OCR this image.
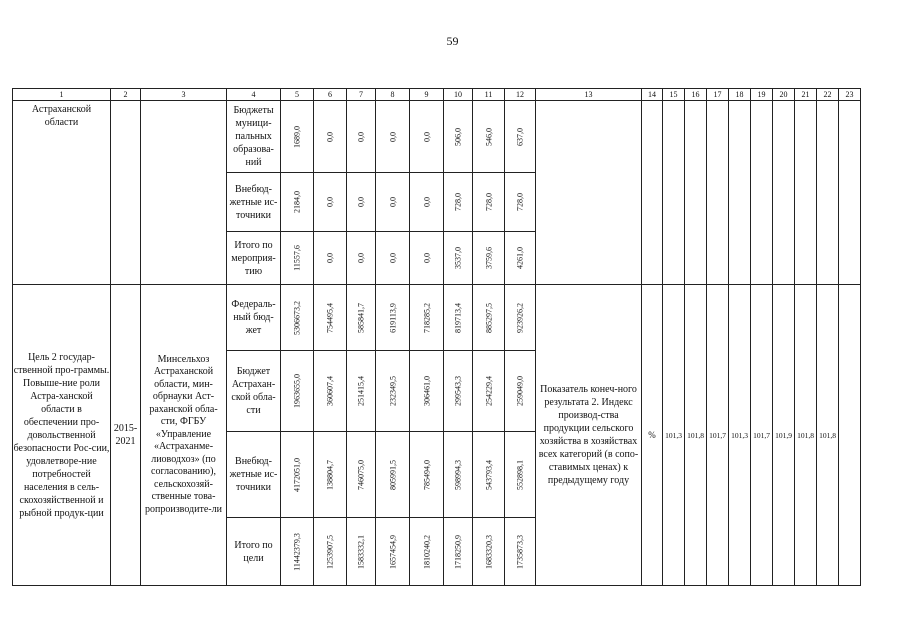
59
1	2	3	4	5	6	7	8	9	10	11	12	13	14	15	16	17	18	19	20	21	22	23
Астраханской области			Бюджеты муници-пальных образова-ний	1689,0	0,0	0,0	0,0	0,0	506,0	546,0	637,0											

			Внебюд-жетные ис-точники	2184,0	0,0	0,0	0,0	0,0	728,0	728,0	728,0											

			Итого по мероприя-тию	11557,6	0,0	0,0	0,0	0,0	3537,0	3759,6	4261,0											

Цель 2 государ-ственной про-граммы. Повыше-ние роли Астра-ханской области в обеспечении про-довольственной безопасности Рос-сии, удовлетворе-ние потребностей населения в сель-скохозяйственной и рыбной продук-ции	2015-2021	Минсельхоз Астраханской области, мин-обрнауки Аст-раханской обла-сти, ФГБУ «Управление «Астраханме-лиоводхоз» (по согласованию), сельскохозяй-ственные това-ропроизводите-ли	Федераль-ный бюд-жет	5306673,2	754495,4	585841,7	619113,9	718285,2	819713,4	885297,5	923926,2	Показатель конеч-ного результата 2. Индекс производ-ства продукции сельского хозяйства в хозяйствах всех категорий (в сопо-ставимых ценах) к предыдущему году	%	101,3	101,8	101,7	101,3	101,7	101,9	101,8	101,8	
			Бюджет Астрахан-ской обла-сти	1963655,0	360607,4	251415,4	232349,5	306461,0	299543,3	254229,4	259049,0											

			Внебюд-жетные ис-точники	4172051,0	138804,7	746075,0	805991,5	785494,0	598994,3	543793,4	552898,1											

			Итого по цели	11442379,3	1253907,5	1583332,1	1657454,9	1810240,2	1718250,9	1683320,3	1735873,3											
